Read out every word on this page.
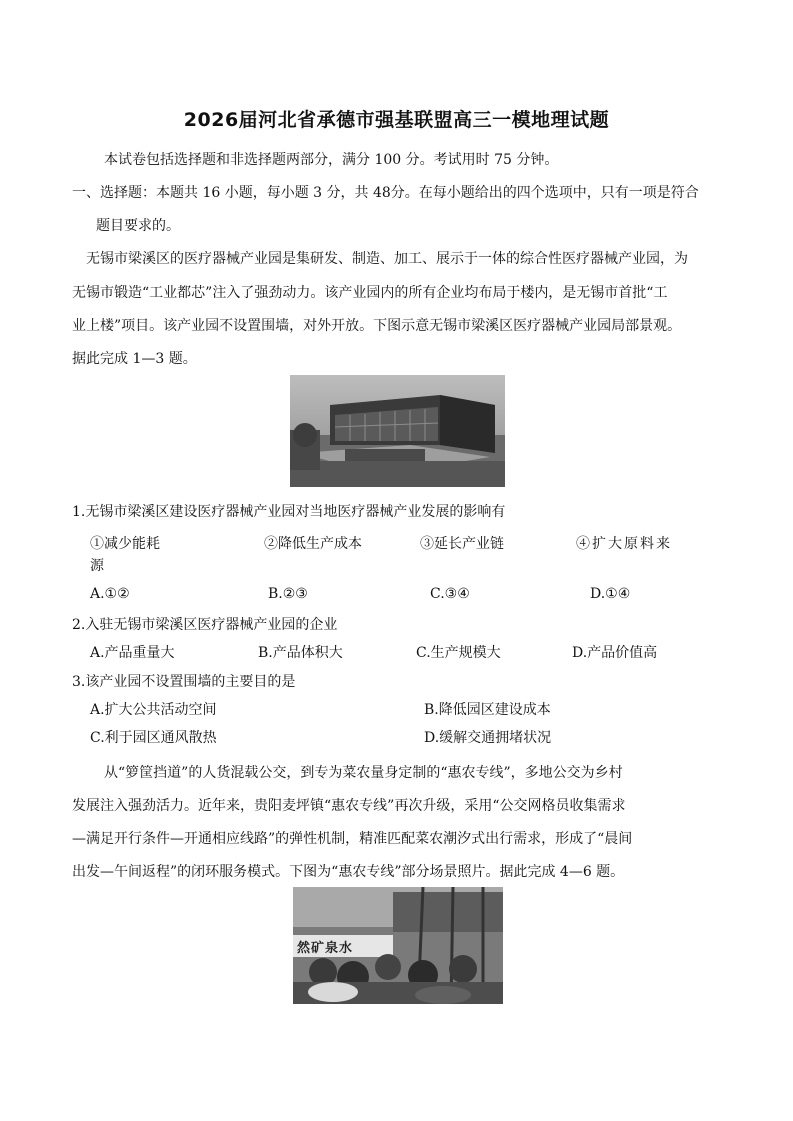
2026届河北省承德市强基联盟高三一模地理试题
本试卷包括选择题和非选择题两部分，满分 100 分。考试用时 75 分钟。
一、选择题：本题共 16 小题，每小题 3 分，共 48分。在每小题给出的四个选项中，只有一项是符合
题目要求的。
无锡市梁溪区的医疗器械产业园是集研发、制造、加工、展示于一体的综合性医疗器械产业园，为
无锡市锻造“工业都芯”注入了强劲动力。该产业园内的所有企业均布局于楼内，是无锡市首批“工
业上楼”项目。该产业园不设置围墙，对外开放。下图示意无锡市梁溪区医疗器械产业园局部景观。
据此完成 1—3 题。
1.无锡市梁溪区建设医疗器械产业园对当地医疗器械产业发展的影响有
①减少能耗	②降低生产成本	③延长产业链	④扩大原料来
源
A.①②	B.②③	C.③④	D.①④
2.入驻无锡市梁溪区医疗器械产业园的企业
A.产品重量大	B.产品体积大	C.生产规模大	D.产品价值高
3.该产业园不设置围墙的主要目的是
A.扩大公共活动空间	B.降低园区建设成本
C.利于园区通风散热	D.缓解交通拥堵状况
从“箩筐挡道”的人货混载公交，到专为菜农量身定制的“惠农专线”，多地公交为乡村
发展注入强劲活力。近年来，贵阳麦坪镇“惠农专线”再次升级，采用“公交网格员收集需求
—满足开行条件—开通相应线路”的弹性机制，精准匹配菜农潮汐式出行需求，形成了“晨间
出发—午间返程”的闭环服务模式。下图为“惠农专线”部分场景照片。据此完成 4—6 题。
然矿泉水
